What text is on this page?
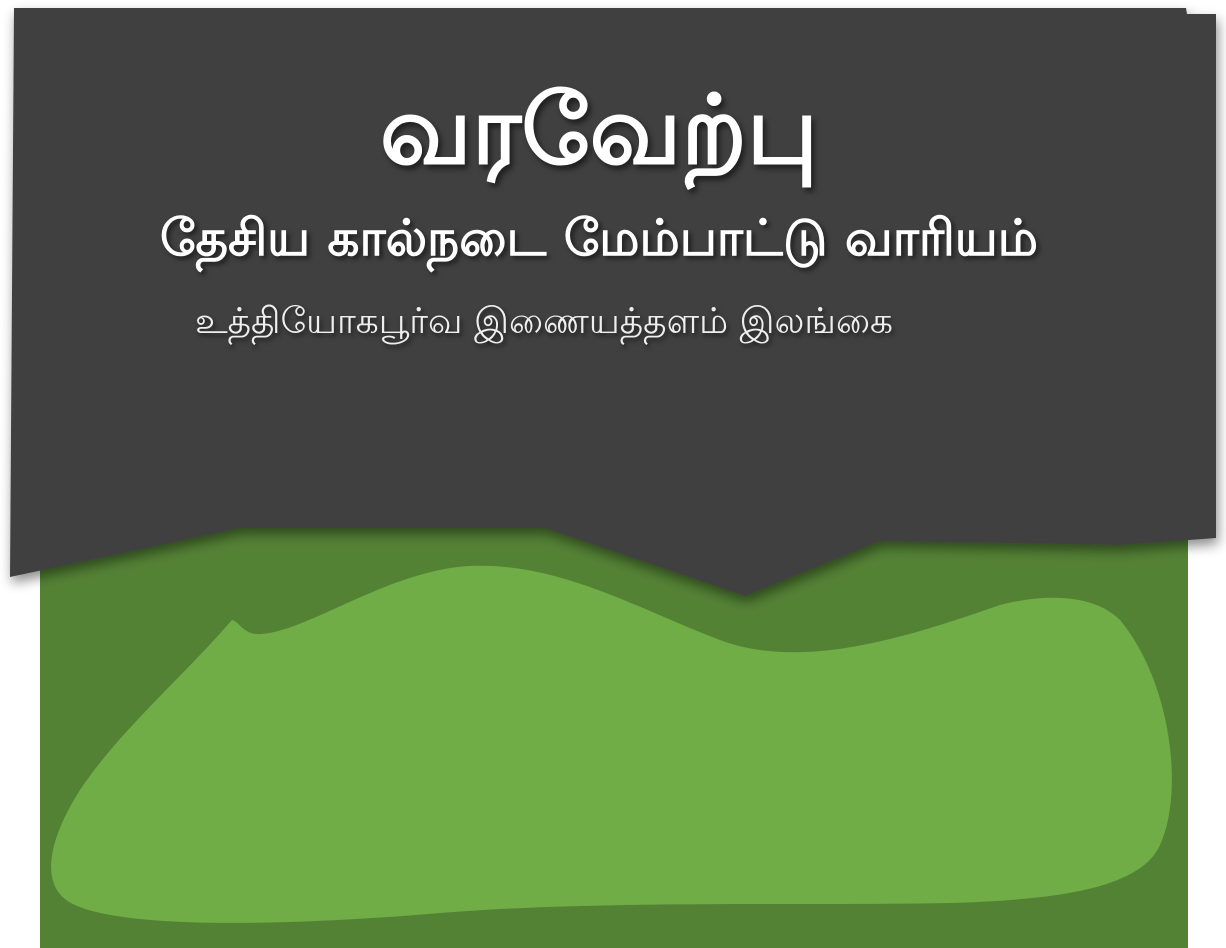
வரவேற்பு
தேசிய கால்நடை மேம்பாட்டு வாரியம்
உத்தியோகபூர்வ இணையத்தளம் இலங்கை
